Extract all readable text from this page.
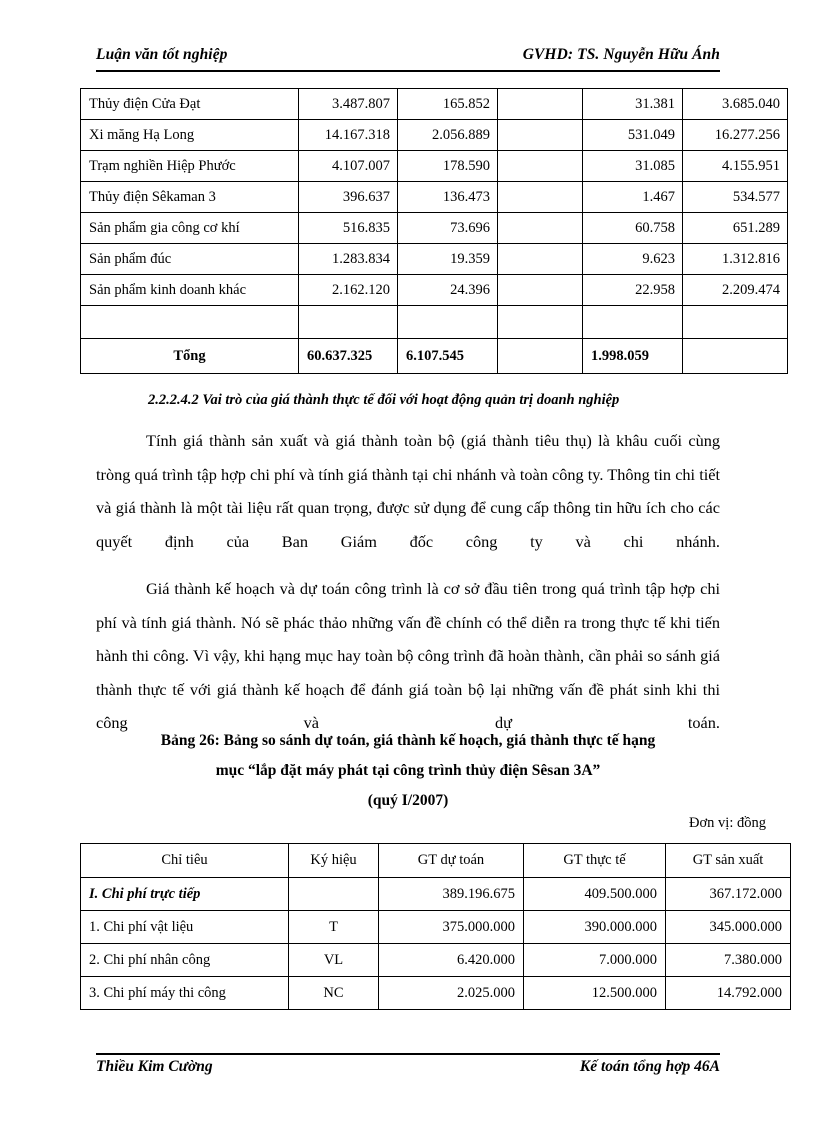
Luận văn tốt nghiệp	GVHD: TS. Nguyễn Hữu Ánh
Thủy điện Cửa Đạt	3.487.807	165.852		31.381	3.685.040
Xi măng Hạ Long	14.167.318	2.056.889		531.049	16.277.256
Trạm nghiền Hiệp Phước	4.107.007	178.590		31.085	4.155.951
Thủy điện Sêkaman 3	396.637	136.473		1.467	534.577
Sản phẩm gia công cơ khí	516.835	73.696		60.758	651.289
Sản phẩm đúc	1.283.834	19.359		9.623	1.312.816
Sản phẩm kinh doanh khác	2.162.120	24.396		22.958	2.209.474

Tổng	60.637.325	6.107.545		1.998.059	
2.2.2.4.2 Vai trò của giá thành thực tế đối với hoạt động quản trị doanh nghiệp

Tính giá thành sản xuất và giá thành toàn bộ (giá thành tiêu thụ) là khâu cuối cùng tròng quá trình tập hợp chi phí và tính giá thành tại chi nhánh và toàn công ty. Thông tin chi tiết và giá thành là một tài liệu rất quan trọng, được sử dụng để cung cấp thông tin hữu ích cho các quyết định của Ban Giám đốc công ty và chi nhánh.

Giá thành kế hoạch và dự toán công trình là cơ sở đầu tiên trong quá trình tập hợp chi phí và tính giá thành. Nó sẽ phác thảo những vấn đề chính có thể diễn ra trong thực tế khi tiến hành thi công. Vì vậy, khi hạng mục hay toàn bộ công trình đã hoàn thành, cần phải so sánh giá thành thực tế với giá thành kế hoạch để đánh giá toàn bộ lại những vấn đề phát sinh khi thi công và dự toán.

Bảng 26: Bảng so sánh dự toán, giá thành kế hoạch, giá thành thực tế hạng
mục “lắp đặt máy phát tại công trình thủy điện Sêsan 3A”
(quý I/2007)
Đơn vị: đồng
Chỉ tiêu	Ký hiệu	GT dự toán	GT thực tế	GT sản xuất
I. Chi phí trực tiếp		389.196.675	409.500.000	367.172.000
1. Chi phí vật liệu	T	375.000.000	390.000.000	345.000.000
2. Chi phí nhân công	VL	6.420.000	7.000.000	7.380.000
3. Chi phí máy thi công	NC	2.025.000	12.500.000	14.792.000
Thiều Kim Cường	Kế toán tổng hợp 46A
